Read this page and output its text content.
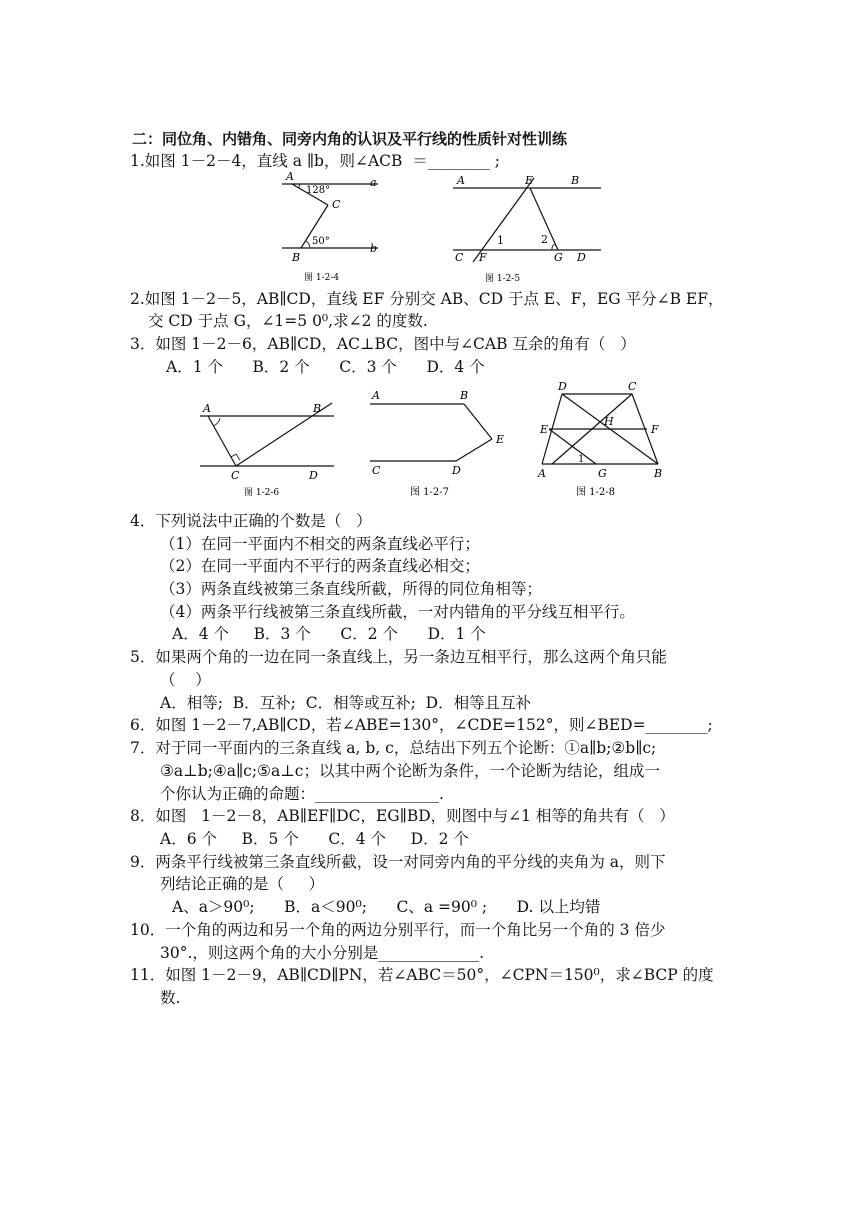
二：同位角、内错角、同旁内角的认识及平行线的性质针对性训练
1.如图 1－2－4，直线 a ∥b，则∠ACB  ＝________ ;
A	a
C
B
b
128°
50°
图 1-2-4
A	E	B
C F	G D
1	2
图 1-2-5
2.如图 1－2－5，AB∥CD，直线 EF 分别交 AB、CD 于点 E、F，EG 平分∠B EF，
交 CD 于点 G，∠1=5 0⁰,求∠2 的度数.
3．如图 1－2－6，AB∥CD，AC⊥BC，图中与∠CAB 互余的角有（   ）
A．1 个      B．2 个      C．3 个      D．4 个
A	B
C	D
图 1-2-6
A	B
C	D
E
图 1-2-7
D	C
H
E	F
1
A	G	B
图 1-2-8
4．下列说法中正确的个数是（   ）
（1）在同一平面内不相交的两条直线必平行；
（2）在同一平面内不平行的两条直线必相交；
（3）两条直线被第三条直线所截，所得的同位角相等；
（4）两条平行线被第三条直线所截，一对内错角的平分线互相平行。
A．4 个     B．3 个      C．2 个      D．1 个
5．如果两个角的一边在同一条直线上，另一条边互相平行，那么这两个角只能
（    ）
A．相等;  B．互补;  C．相等或互补;  D．相等且互补
6．如图 1－2－7,AB∥CD，若∠ABE=130°，∠CDE=152°，则∠BED=________;
7．对于同一平面内的三条直线 a, b, c，总结出下列五个论断：①a∥b;②b∥c;
③a⊥b;④a∥c;⑤a⊥c；以其中两个论断为条件，一个论断为结论，组成一
个你认为正确的命题：________________.
8．如图   1－2－8，AB∥EF∥DC，EG∥BD，则图中与∠1 相等的角共有（   ）
A．6 个     B．5 个      C．4 个     D．2 个
9．两条平行线被第三条直线所截，设一对同旁内角的平分线的夹角为 a，则下
列结论正确的是（     ）
A、a＞90⁰;      B．a＜90⁰;      C、a =90⁰ ;      D. 以上均错
10．一个角的两边和另一个角的两边分别平行，而一个角比另一个角的 3 倍少
30°.，则这两个角的大小分别是_____________.
11．如图 1－2－9，AB∥CD∥PN，若∠ABC＝50°，∠CPN＝150⁰，求∠BCP 的度
数.
